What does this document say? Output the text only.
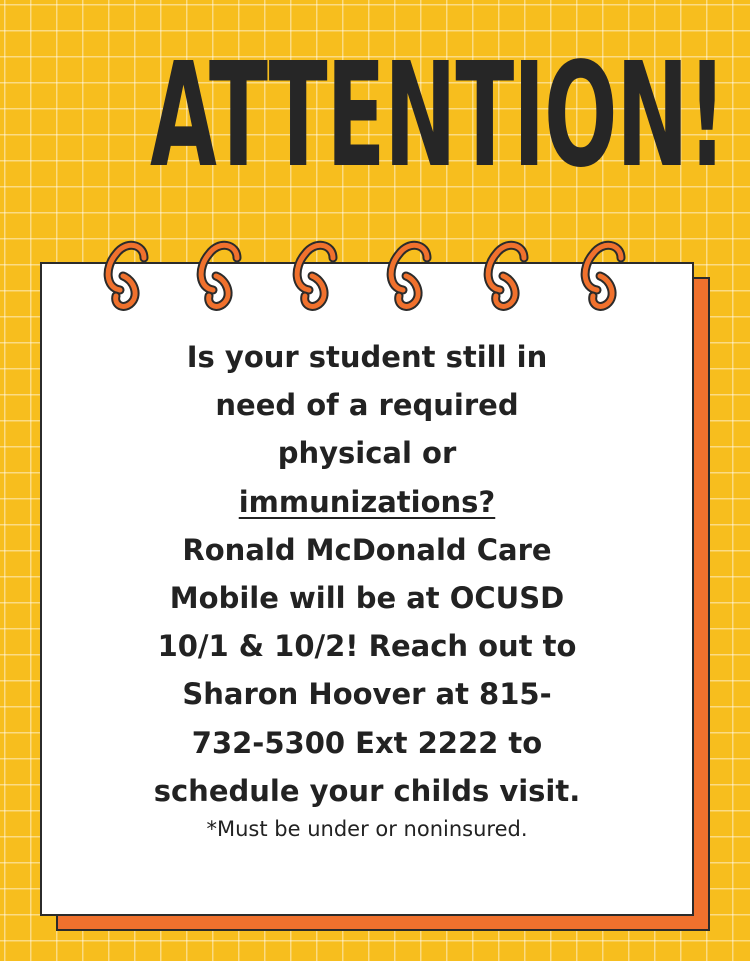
ATTENTION!
Is your student still in
need of a required
physical or
immunizations?
Ronald McDonald Care
Mobile will be at OCUSD
10/1 & 10/2! Reach out to
Sharon Hoover at 815-
732-5300 Ext 2222 to
schedule your childs visit.
*Must be under or noninsured.
